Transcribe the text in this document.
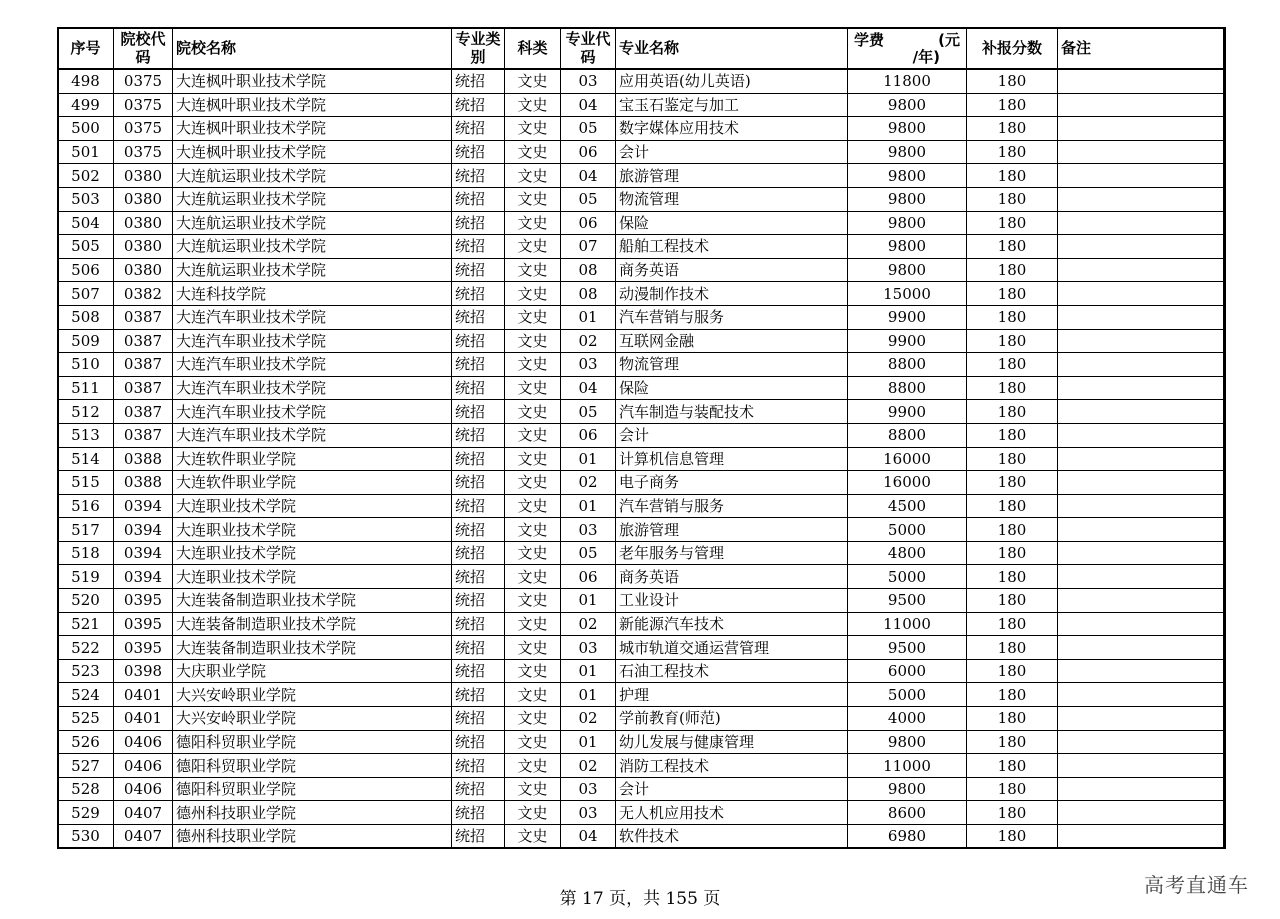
序号	院校代码	院校名称	专业类别	科类	专业代码	专业名称	学费 (元
/年)	补报分数	备注
498	0375	大连枫叶职业技术学院	统招	文史	03	应用英语(幼儿英语)	11800	180	
499	0375	大连枫叶职业技术学院	统招	文史	04	宝玉石鉴定与加工	9800	180	
500	0375	大连枫叶职业技术学院	统招	文史	05	数字媒体应用技术	9800	180	
501	0375	大连枫叶职业技术学院	统招	文史	06	会计	9800	180	
502	0380	大连航运职业技术学院	统招	文史	04	旅游管理	9800	180	
503	0380	大连航运职业技术学院	统招	文史	05	物流管理	9800	180	
504	0380	大连航运职业技术学院	统招	文史	06	保险	9800	180	
505	0380	大连航运职业技术学院	统招	文史	07	船舶工程技术	9800	180	
506	0380	大连航运职业技术学院	统招	文史	08	商务英语	9800	180	
507	0382	大连科技学院	统招	文史	08	动漫制作技术	15000	180	
508	0387	大连汽车职业技术学院	统招	文史	01	汽车营销与服务	9900	180	
509	0387	大连汽车职业技术学院	统招	文史	02	互联网金融	9900	180	
510	0387	大连汽车职业技术学院	统招	文史	03	物流管理	8800	180	
511	0387	大连汽车职业技术学院	统招	文史	04	保险	8800	180	
512	0387	大连汽车职业技术学院	统招	文史	05	汽车制造与装配技术	9900	180	
513	0387	大连汽车职业技术学院	统招	文史	06	会计	8800	180	
514	0388	大连软件职业学院	统招	文史	01	计算机信息管理	16000	180	
515	0388	大连软件职业学院	统招	文史	02	电子商务	16000	180	
516	0394	大连职业技术学院	统招	文史	01	汽车营销与服务	4500	180	
517	0394	大连职业技术学院	统招	文史	03	旅游管理	5000	180	
518	0394	大连职业技术学院	统招	文史	05	老年服务与管理	4800	180	
519	0394	大连职业技术学院	统招	文史	06	商务英语	5000	180	
520	0395	大连装备制造职业技术学院	统招	文史	01	工业设计	9500	180	
521	0395	大连装备制造职业技术学院	统招	文史	02	新能源汽车技术	11000	180	
522	0395	大连装备制造职业技术学院	统招	文史	03	城市轨道交通运营管理	9500	180	
523	0398	大庆职业学院	统招	文史	01	石油工程技术	6000	180	
524	0401	大兴安岭职业学院	统招	文史	01	护理	5000	180	
525	0401	大兴安岭职业学院	统招	文史	02	学前教育(师范)	4000	180	
526	0406	德阳科贸职业学院	统招	文史	01	幼儿发展与健康管理	9800	180	
527	0406	德阳科贸职业学院	统招	文史	02	消防工程技术	11000	180	
528	0406	德阳科贸职业学院	统招	文史	03	会计	9800	180	
529	0407	德州科技职业学院	统招	文史	03	无人机应用技术	8600	180	
530	0407	德州科技职业学院	统招	文史	04	软件技术	6980	180	
第 17 页，共 155 页
高考直通车
